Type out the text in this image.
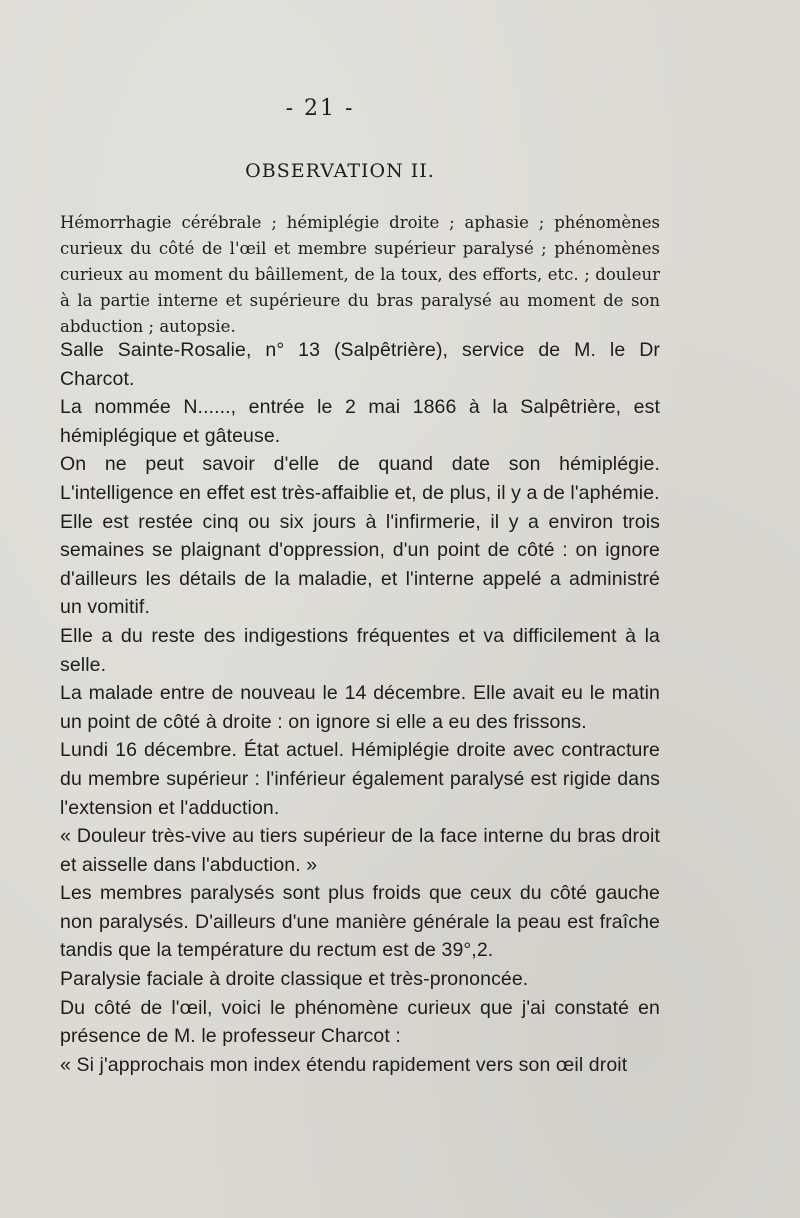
- 21 -
OBSERVATION II.

Hémorrhagie cérébrale ; hémiplégie droite ; aphasie ; phénomènes curieux du côté de l'œil et membre supérieur paralysé ; phénomènes curieux au moment du bâillement, de la toux, des efforts, etc. ; douleur à la partie interne et supérieure du bras paralysé au moment de son abduction ; autopsie.

Salle Sainte-Rosalie, n° 13 (Salpêtrière), service de M. le Dr Charcot.

La nommée N......, entrée le 2 mai 1866 à la Salpêtrière, est hémiplégique et gâteuse.

On ne peut savoir d'elle de quand date son hémiplégie. L'intelligence en effet est très-affaiblie et, de plus, il y a de l'aphémie.

Elle est restée cinq ou six jours à l'infirmerie, il y a environ trois semaines se plaignant d'oppression, d'un point de côté : on ignore d'ailleurs les détails de la maladie, et l'interne appelé a administré un vomitif.

Elle a du reste des indigestions fréquentes et va difficilement à la selle.

La malade entre de nouveau le 14 décembre. Elle avait eu le matin un point de côté à droite : on ignore si elle a eu des frissons.

Lundi 16 décembre. État actuel. Hémiplégie droite avec contracture du membre supérieur : l'inférieur également paralysé est rigide dans l'extension et l'adduction.

« Douleur très-vive au tiers supérieur de la face interne du bras droit et aisselle dans l'abduction. »

Les membres paralysés sont plus froids que ceux du côté gauche non paralysés. D'ailleurs d'une manière générale la peau est fraîche tandis que la température du rectum est de 39°,2.

Paralysie faciale à droite classique et très-prononcée.

Du côté de l'œil, voici le phénomène curieux que j'ai constaté en présence de M. le professeur Charcot :

« Si j'approchais mon index étendu rapidement vers son œil droit
